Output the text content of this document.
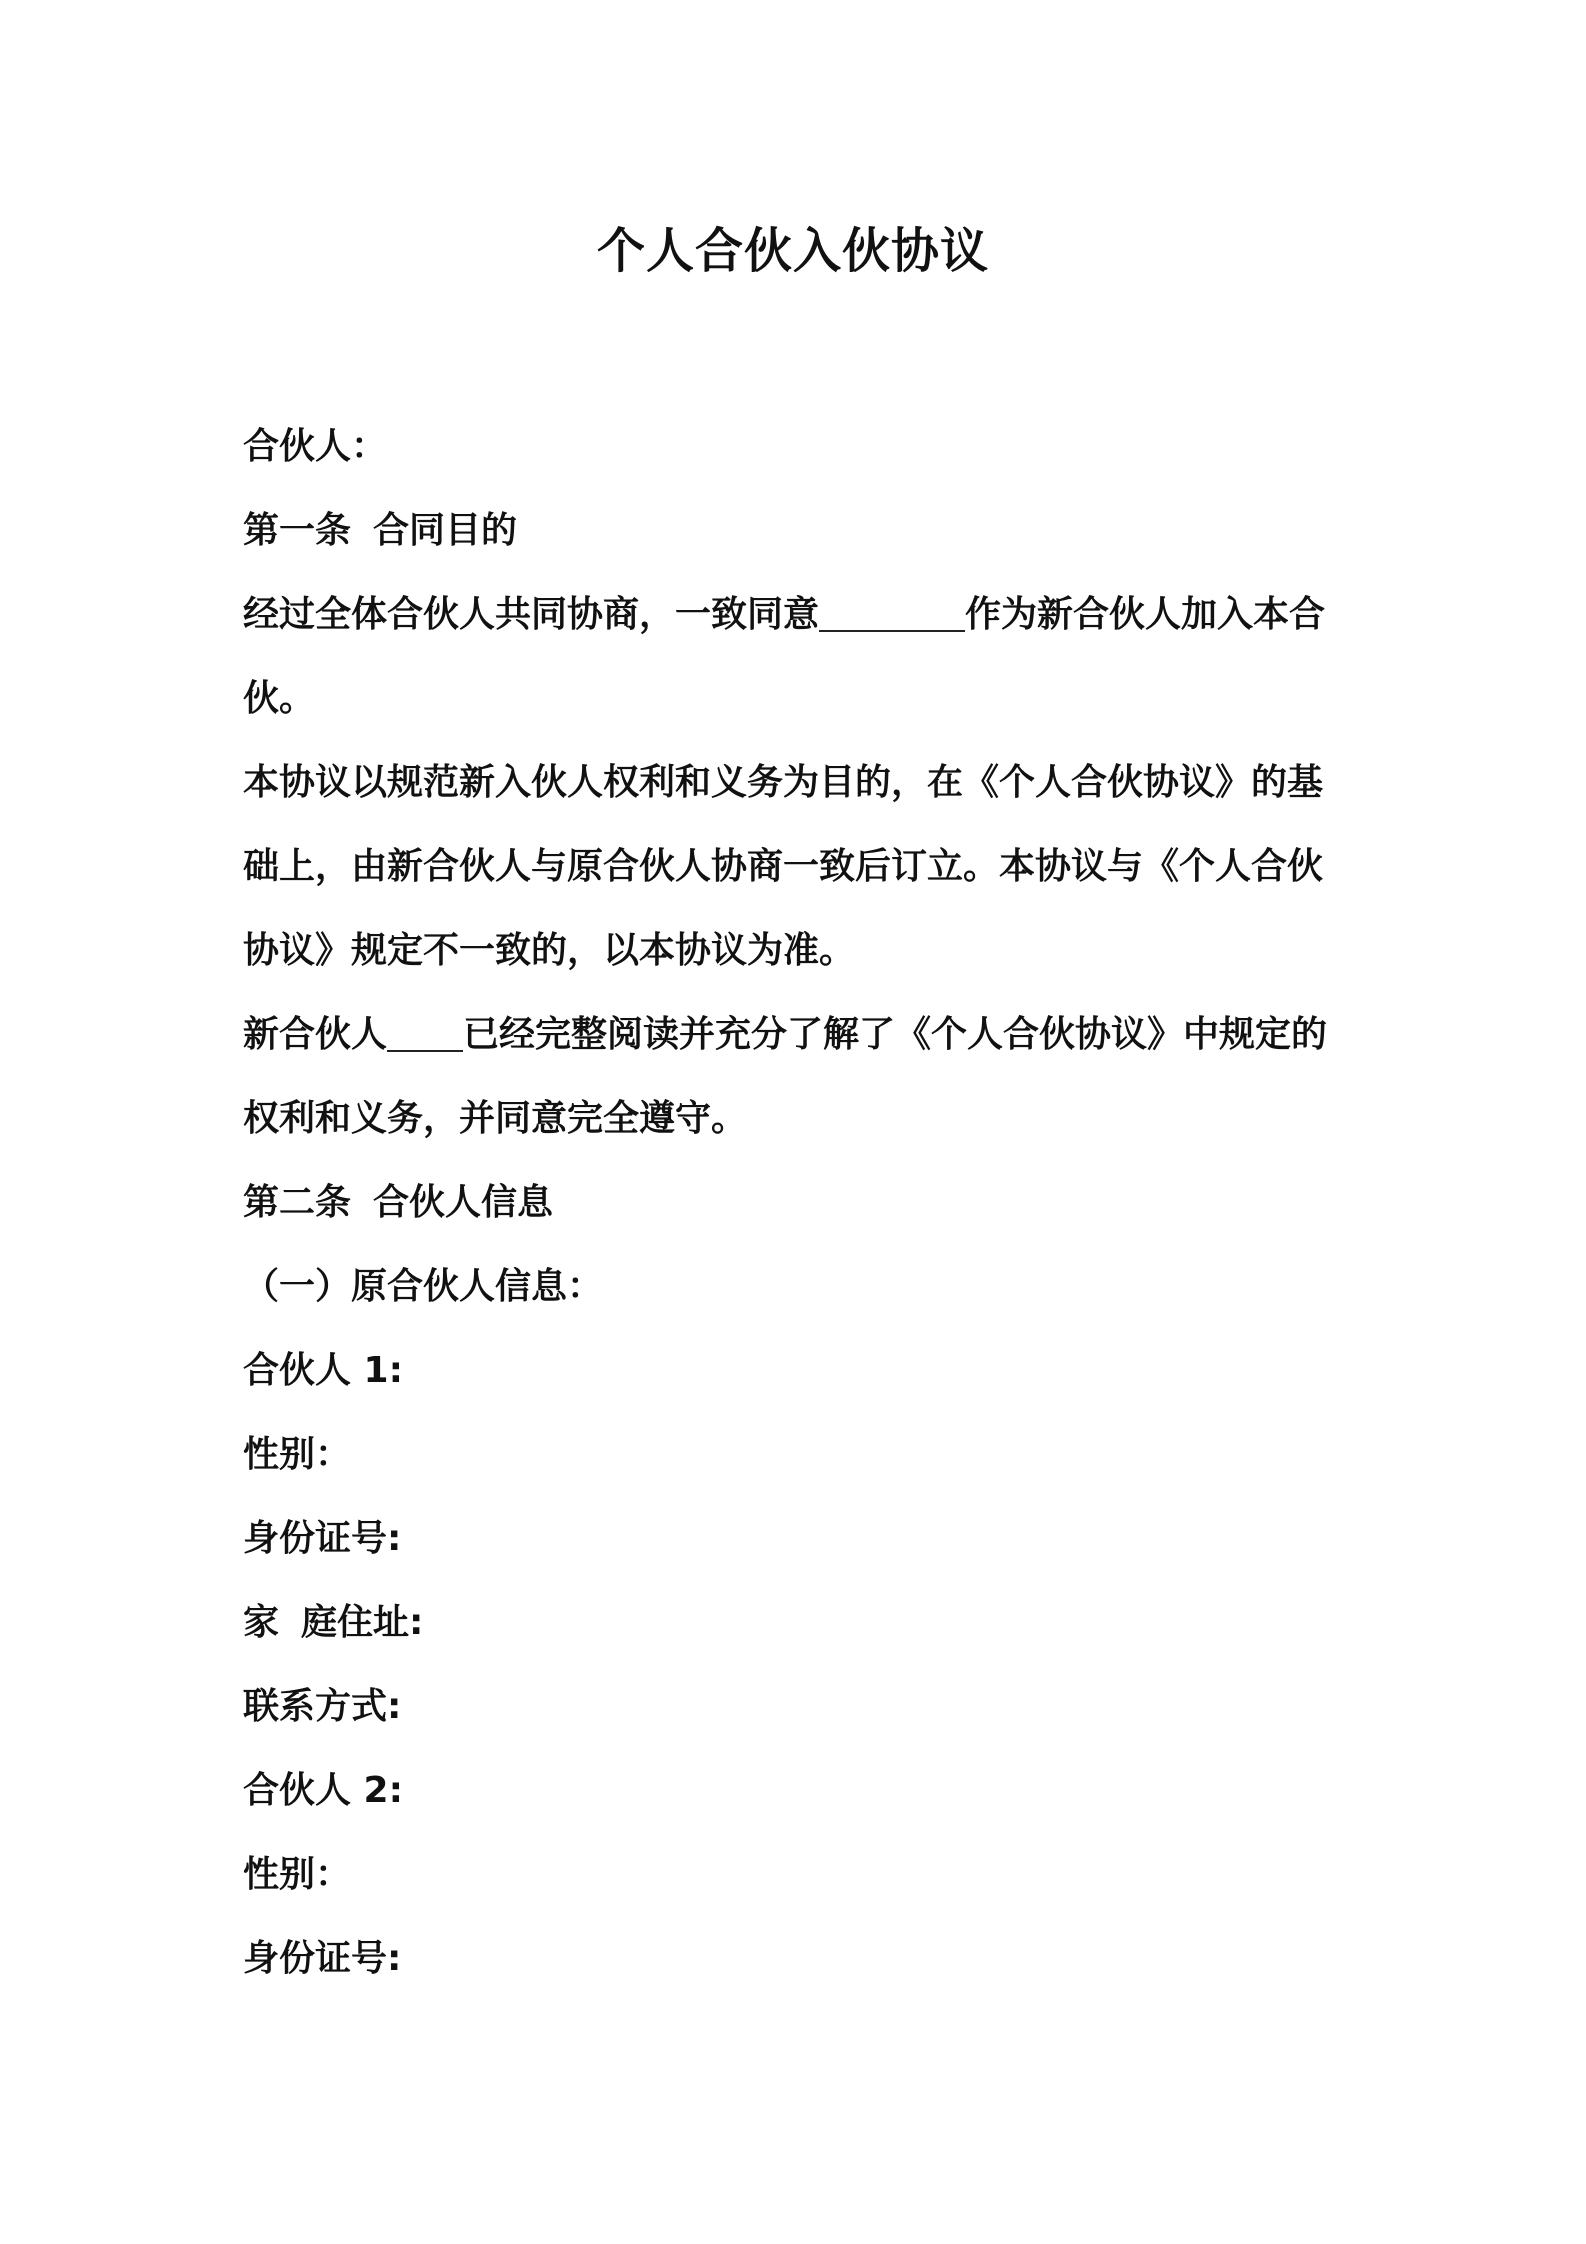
个人合伙入伙协议
合伙人：
第一条 合同目的
经过全体合伙人共同协商，一致同意	作为新合伙人加入本合
伙。
本协议以规范新入伙人权利和义务为目的，在《个人合伙协议》的基
础上，由新合伙人与原合伙人协商一致后订立。本协议与《个人合伙
协议》规定不一致的，以本协议为准。
新合伙人 已经完整阅读并充分了解了《个人合伙协议》中规定的
权利和义务，并同意完全遵守。
第二条 合伙人信息
（一）原合伙人信息：
合伙人 1:
性别：
身份证号:
家 庭住址:
联系方式:
合伙人 2:
性别：
身份证号:
